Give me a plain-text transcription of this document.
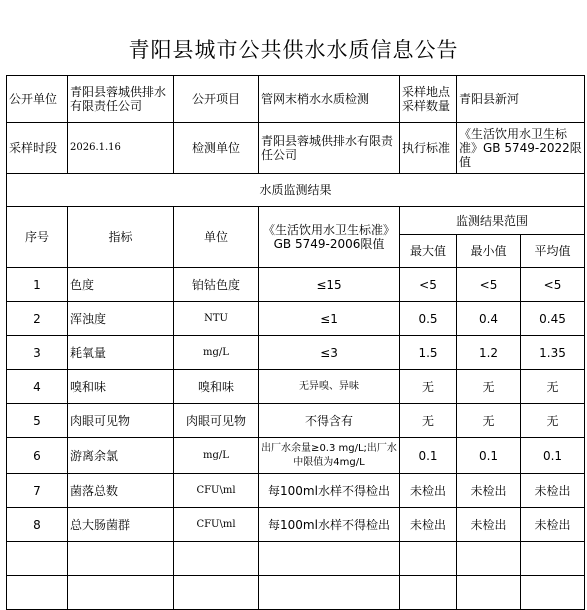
青阳县城市公共供水水质信息公告
公开单位	青阳县蓉城供排水有限责任公司	公开项目	管网末梢水水质检测	采样地点采样数量	青阳县新河	
采样时段	2026.1.16	检测单位	青阳县蓉城供排水有限责任公司	执行标准	《生活饮用水卫生标准》GB 5749-2022限值	
水质监测结果						
序号	指标	单位	《生活饮用水卫生标准》GB 5749-2006限值	监测结果范围		
				最大值	最小值	平均值
1	色度	铂钴色度	≤15	<5	<5	<5
2	浑浊度	NTU	≤1	0.5	0.4	0.45
3	耗氧量	mg/L	≤3	1.5	1.2	1.35
4	嗅和味	嗅和味	无异嗅、异味	无	无	无
5	肉眼可见物	肉眼可见物	不得含有	无	无	无
6	游离余氯	mg/L	出厂水余量≥0.3 mg/L;出厂水中限值为4mg/L	0.1	0.1	0.1
7	菌落总数	CFU\ml	每100ml水样不得检出	未检出	未检出	未检出
8	总大肠菌群	CFU\ml	每100ml水样不得检出	未检出	未检出	未检出
